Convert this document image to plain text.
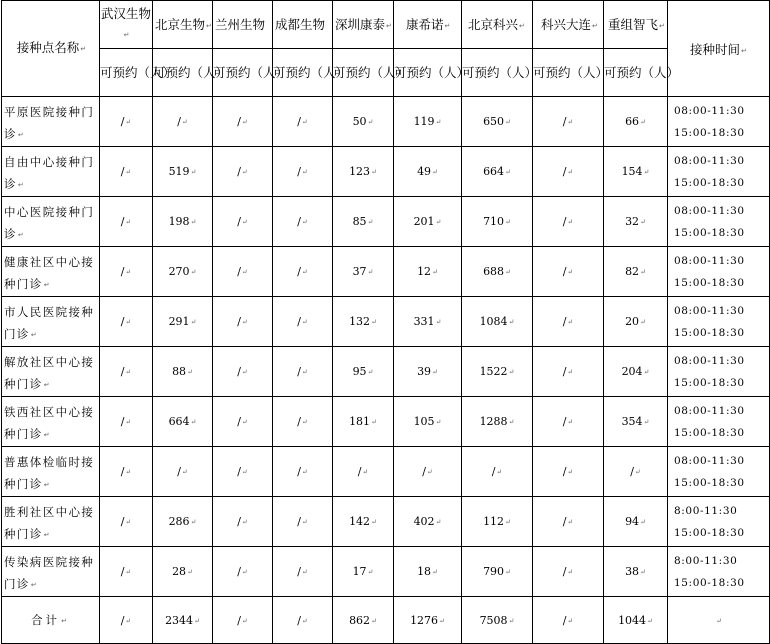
接种点名称↵	武汉生物↵	北京生物↵	兰州生物	成都生物	深圳康泰↵	康希诺↵	北京科兴↵	科兴大连↵	重组智飞↵	接种时间↵
	可预约（人）	可预约（人）	可预约（人）	可预约（人）	可预约（人）	可预约（人）	可预约（人）	可预约（人）	可预约（人）	
平原医院接种门诊↵	/↵	/↵	/↵	/↵	50↵	119↵	650↵	/↵	66↵	08:00-11:30
15:00-18:30

自由中心接种门诊↵	/↵	519↵	/↵	/↵	123↵	49↵	664↵	/↵	154↵	08:00-11:30
15:00-18:30

中心医院接种门诊↵	/↵	198↵	/↵	/↵	85↵	201↵	710↵	/↵	32↵	08:00-11:30
15:00-18:30

健康社区中心接种门诊↵	/↵	270↵	/↵	/↵	37↵	12↵	688↵	/↵	82↵	08:00-11:30
15:00-18:30

市人民医院接种门诊↵	/↵	291↵	/↵	/↵	132↵	331↵	1084↵	/↵	20↵	08:00-11:30
15:00-18:30

解放社区中心接种门诊↵	/↵	88↵	/↵	/↵	95↵	39↵	1522↵	/↵	204↵	08:00-11:30
15:00-18:30

铁西社区中心接种门诊↵	/↵	664↵	/↵	/↵	181↵	105↵	1288↵	/↵	354↵	08:00-11:30
15:00-18:30

普惠体检临时接种门诊↵	/↵	/↵	/↵	/↵	/↵	/↵	/↵	/↵	/↵	08:00-11:30
15:00-18:30

胜利社区中心接种门诊↵	/↵	286↵	/↵	/↵	142↵	402↵	112↵	/↵	94↵	8:00-11:30
15:00-18:30

传染病医院接种门诊↵	/↵	28↵	/↵	/↵	17↵	18↵	790↵	/↵	38↵	8:00-11:30
15:00-18:30

合计↵	/↵	2344↵	/↵	/↵	862↵	1276↵	7508↵	/↵	1044↵	↵
